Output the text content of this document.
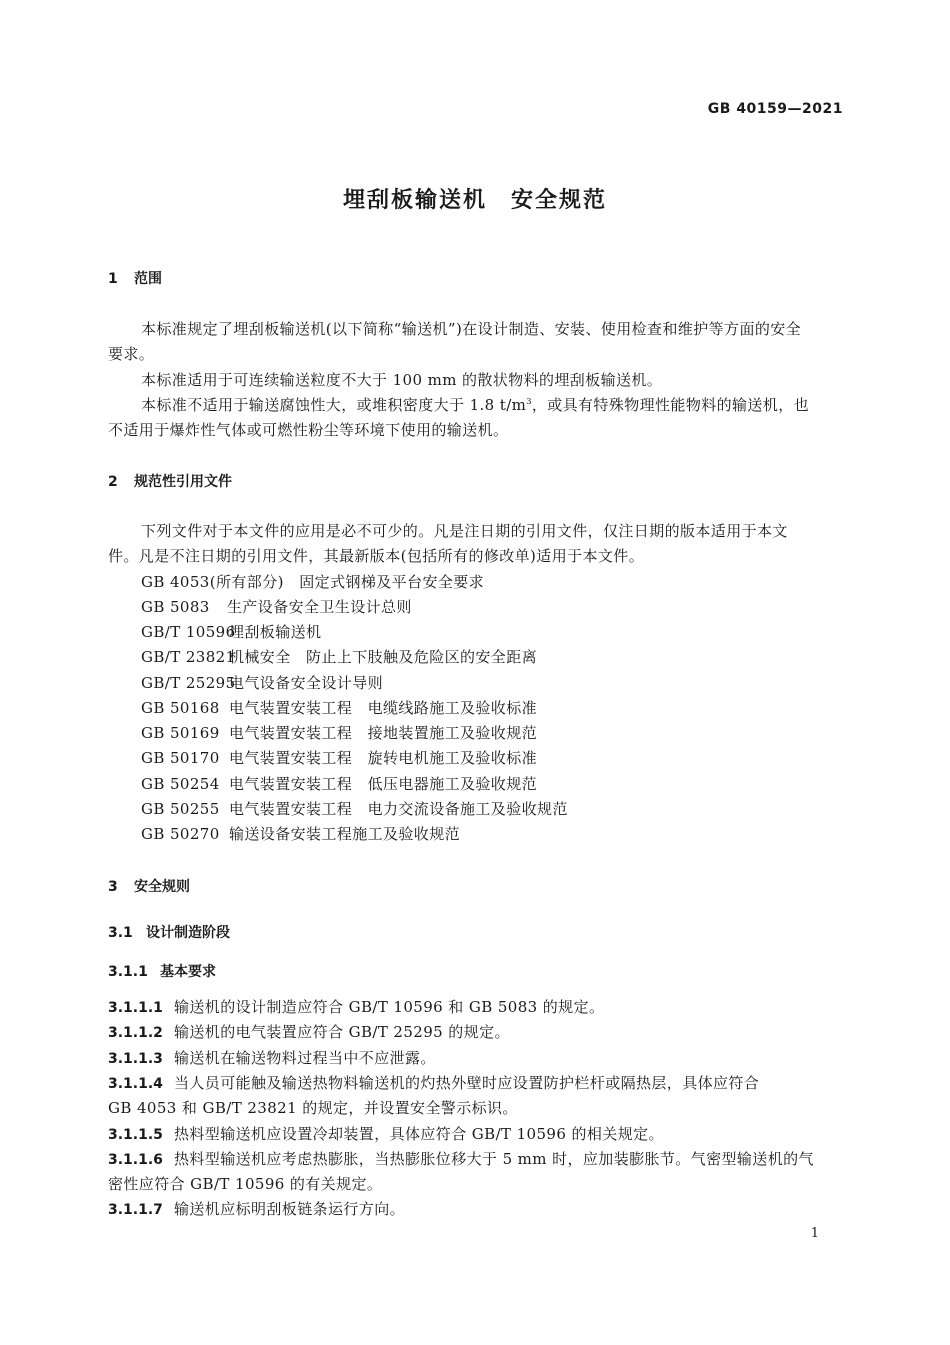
GB 40159—2021
埋刮板输送机　安全规范
1 范围
本标准规定了埋刮板输送机(以下简称“输送机”)在设计制造、安装、使用检查和维护等方面的安全
要求。
本标准适用于可连续输送粒度不大于 100 mm 的散状物料的埋刮板输送机。
本标准不适用于输送腐蚀性大，或堆积密度大于 1.8 $t/m^3$，或具有特殊物理性能物料的输送机，也
不适用于爆炸性气体或可燃性粉尘等环境下使用的输送机。
2 规范性引用文件
下列文件对于本文件的应用是必不可少的。凡是注日期的引用文件，仅注日期的版本适用于本文
件。凡是不注日期的引用文件，其最新版本(包括所有的修改单)适用于本文件。
GB 4053(所有部分)　 固定式钢梯及平台安全要求
GB 5083 生产设备安全卫生设计总则
GB/T 10596埋刮板输送机
GB/T 23821机械安全　防止上下肢触及危险区的安全距离
GB/T 25295电气设备安全设计导则
GB 50168 电气装置安装工程　电缆线路施工及验收标准
GB 50169 电气装置安装工程　接地装置施工及验收规范
GB 50170 电气装置安装工程　旋转电机施工及验收标准
GB 50254 电气装置安装工程　低压电器施工及验收规范
GB 50255 电气装置安装工程　电力交流设备施工及验收规范
GB 50270 输送设备安装工程施工及验收规范
3 安全规则
3.1 设计制造阶段
3.1.1 基本要求
3.1.1.1 输送机的设计制造应符合 GB/T 10596 和 GB 5083 的规定。
3.1.1.2 输送机的电气装置应符合 GB/T 25295 的规定。
3.1.1.3 输送机在输送物料过程当中不应泄露。
3.1.1.4 当人员可能触及输送热物料输送机的灼热外壁时应设置防护栏杆或隔热层，具体应符合
GB 4053 和 GB/T 23821 的规定，并设置安全警示标识。
3.1.1.5 热料型输送机应设置冷却装置，具体应符合 GB/T 10596 的相关规定。
3.1.1.6 热料型输送机应考虑热膨胀，当热膨胀位移大于 5 mm 时，应加装膨胀节。气密型输送机的气
密性应符合 GB/T 10596 的有关规定。
3.1.1.7 输送机应标明刮板链条运行方向。
1
